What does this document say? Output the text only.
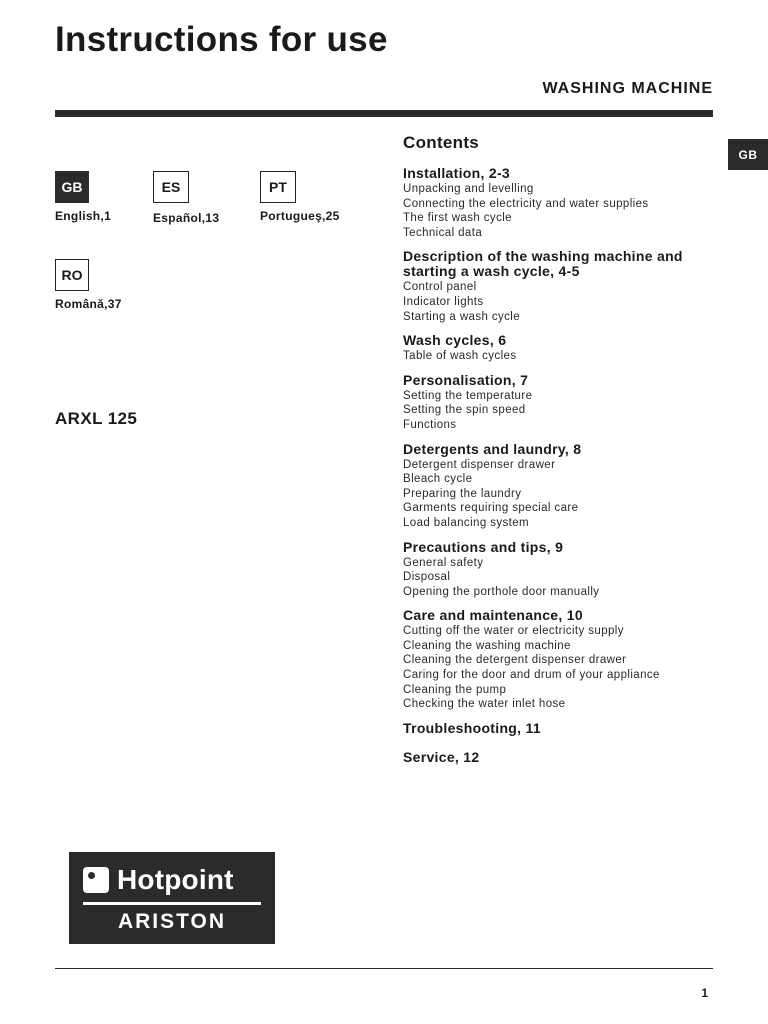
Instructions for use
WASHING MACHINE
GB
GB
English,1
ES
Español,13
PT
Portugueş,25
RO
Română,37
ARXL 125
Contents
Installation, 2-3
Unpacking and levelling
Connecting the electricity and water supplies
The first wash cycle
Technical data
Description of the washing machine and starting a wash cycle, 4-5
Control panel
Indicator lights
Starting a wash cycle
Wash cycles, 6
Table of wash cycles
Personalisation, 7
Setting the temperature
Setting the spin speed
Functions
Detergents and laundry, 8
Detergent dispenser drawer
Bleach cycle
Preparing the laundry
Garments requiring special care
Load balancing system
Precautions and tips, 9
General safety
Disposal
Opening the porthole door manually
Care and maintenance, 10
Cutting off the water or electricity supply
Cleaning the washing machine
Cleaning the detergent dispenser drawer
Caring for the door and drum of your appliance
Cleaning the pump
Checking the water inlet hose
Troubleshooting, 11
Service, 12
Hotpoint
ARISTON
1
